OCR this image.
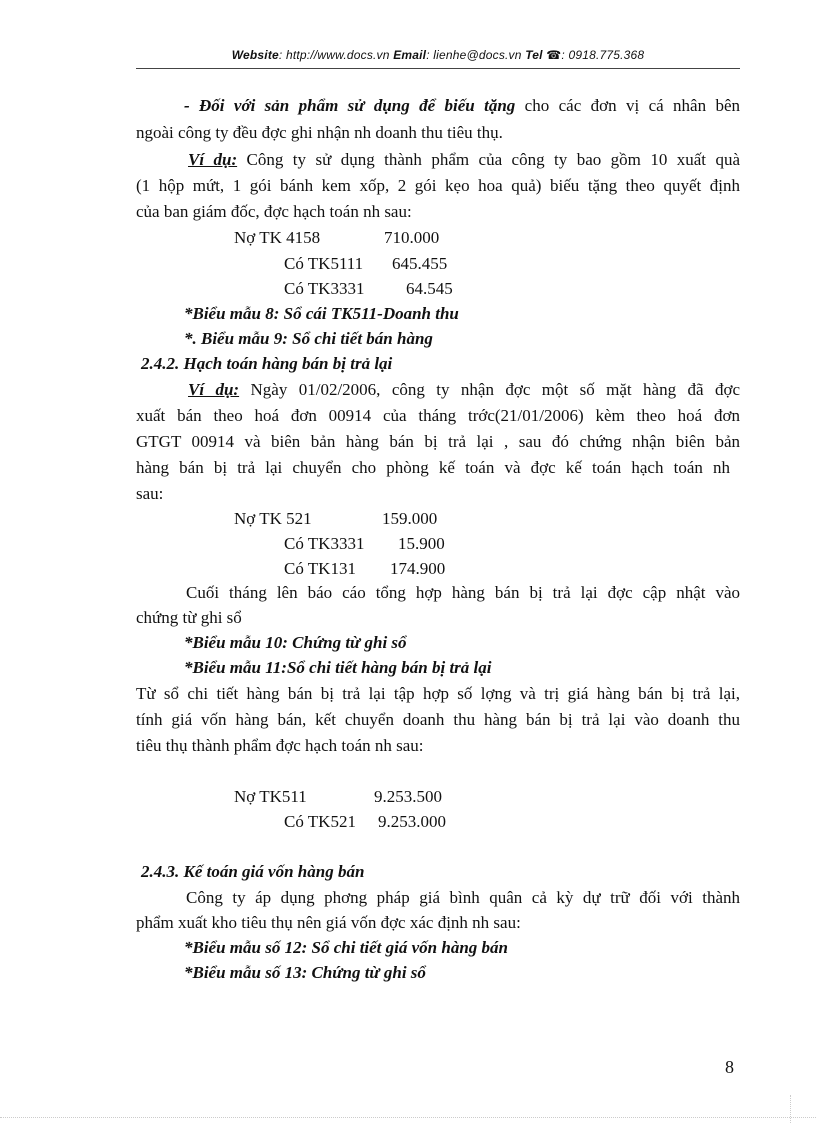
Website: http://www.docs.vn Email: lienhe@docs.vn Tel ☎: 0918.775.368
- Đối với sản phẩm sử dụng để biếu tặng cho các đơn vị cá nhân bên
ngoài công ty đều đợc ghi nhận nh doanh thu tiêu thụ.
Ví dụ: Công ty sử dụng thành phẩm của công ty bao gồm 10 xuất quà
(1 hộp mứt, 1 gói bánh kem xốp, 2 gói kẹo hoa quả) biếu tặng theo quyết định
của ban giám đốc, đợc hạch toán nh sau:
Nợ TK 4158	710.000
Có TK5111 645.455
Có TK3331 64.545
*Biểu mẫu 8: Sổ cái TK511-Doanh thu
*. Biểu mẫu 9: Sổ chi tiết bán hàng
2.4.2. Hạch toán hàng bán bị trả lại
Ví dụ: Ngày 01/02/2006, công ty nhận đợc một số mặt hàng đã đợc
xuất bán theo hoá đơn 00914 của tháng trớc(21/01/2006) kèm theo hoá đơn
GTGT 00914 và biên bản hàng bán bị trả lại , sau đó chứng nhận biên bản
hàng bán bị trả lại chuyển cho phòng kế toán và đợc kế toán hạch toán nh
sau:
Nợ TK 521	159.000
Có TK3331 15.900
Có TK131 174.900
Cuối tháng lên báo cáo tổng hợp hàng bán bị trả lại đợc cập nhật vào
chứng từ ghi sổ
*Biểu mẫu 10: Chứng từ ghi sổ
*Biểu mẫu 11:Sổ chi tiết hàng bán bị trả lại
Từ sổ chi tiết hàng bán bị trả lại tập hợp số lợng và trị giá hàng bán bị trả lại,
tính giá vốn hàng bán, kết chuyển doanh thu hàng bán bị trả lại vào doanh thu
tiêu thụ thành phẩm đợc hạch toán nh sau:
Nợ TK511	9.253.500
Có TK521 9.253.000
2.4.3. Kế toán giá vốn hàng bán
Công ty áp dụng phơng pháp giá bình quân cả kỳ dự trữ đối với thành
phẩm xuất kho tiêu thụ nên giá vốn đợc xác định nh sau:
*Biểu mẫu số 12: Sổ chi tiết giá vốn hàng bán
*Biểu mẫu số 13: Chứng từ ghi sổ
8
